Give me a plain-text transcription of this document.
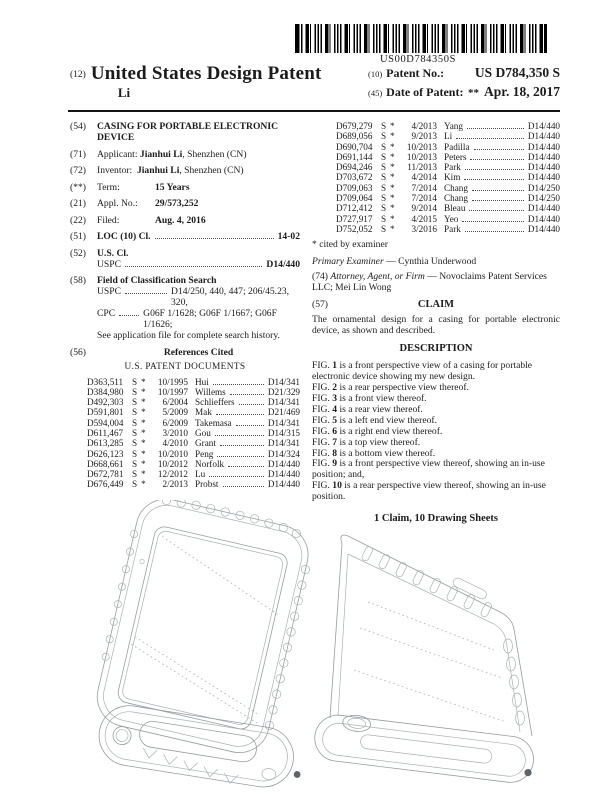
US00D784350S
(12) United States Design Patent
Li
(10) Patent No.: US D784,350 S
(45) Date of Patent: ** Apr. 18, 2017
(54)	CASING FOR PORTABLE ELECTRONIC
DEVICE
(71)	Applicant: Jianhui Li, Shenzhen (CN)
(72)	Inventor: Jianhui Li, Shenzhen (CN)
(**)	Term:	15 Years
(21)	Appl. No.:	29/573,252
(22)	Filed:	Aug. 4, 2016
(51)	LOC (10) Cl.	14-02
(52)	U.S. Cl.
USPC	D14/440
(58)	Field of Classification Search
USPC	D14/250, 440, 447; 206/45.23, 320,
CPC	G06F 1/1628; G06F 1/1667; G06F 1/1626;
See application file for complete search history.
(56)	References Cited
U.S. PATENT DOCUMENTS
D363,511 S *	10/1995 Hui	D14/341
D384,980 S *	10/1997 Willems	D21/329
D492,303 S *	6/2004 Schlieffers	D14/341
D591,801 S *	5/2009 Mak	D21/469
D594,004 S *	6/2009 Takemasa	D14/341
D611,467 S *	3/2010 Gou	D14/315
D613,285 S *	4/2010 Grant	D14/341
D626,123 S *	10/2010 Peng	D14/324
D668,661 S *	10/2012 Norfolk	D14/440
D672,781 S *	12/2012 Lu	D14/440
D676,449 S *	2/2013 Probst	D14/440
D679,279 S *	4/2013 Yang	D14/440
D689,056 S *	9/2013 Li	D14/440
D690,704 S *	10/2013 Padilla	D14/440
D691,144 S *	10/2013 Peters	D14/440
D694,246 S *	11/2013 Park	D14/440
D703,672 S *	4/2014 Kim	D14/440
D709,063 S *	7/2014 Chang	D14/250
D709,064 S *	7/2014 Chang	D14/250
D712,412 S *	9/2014 Bleau	D14/440
D727,917 S *	4/2015 Yeo	D14/440
D752,052 S *	3/2016 Park	D14/440
* cited by examiner
Primary Examiner — Cynthia Underwood
(74) Attorney, Agent, or Firm — Novoclaims Patent Services LLC; Mei Lin Wong
(57)	CLAIM
The ornamental design for a casing for portable electronic device, as shown and described.
DESCRIPTION
FIG. 1 is a front perspective view of a casing for portable electronic device showing my new design.
FIG. 2 is a rear perspective view thereof.
FIG. 3 is a front view thereof.
FIG. 4 is a rear view thereof.
FIG. 5 is a left end view thereof.
FIG. 6 is a right end view thereof.
FIG. 7 is a top view thereof.
FIG. 8 is a bottom view thereof.
FIG. 9 is a front perspective view thereof, showing an in-use position; and,
FIG. 10 is a rear perspective view thereof, showing an in-use position.
1 Claim, 10 Drawing Sheets
